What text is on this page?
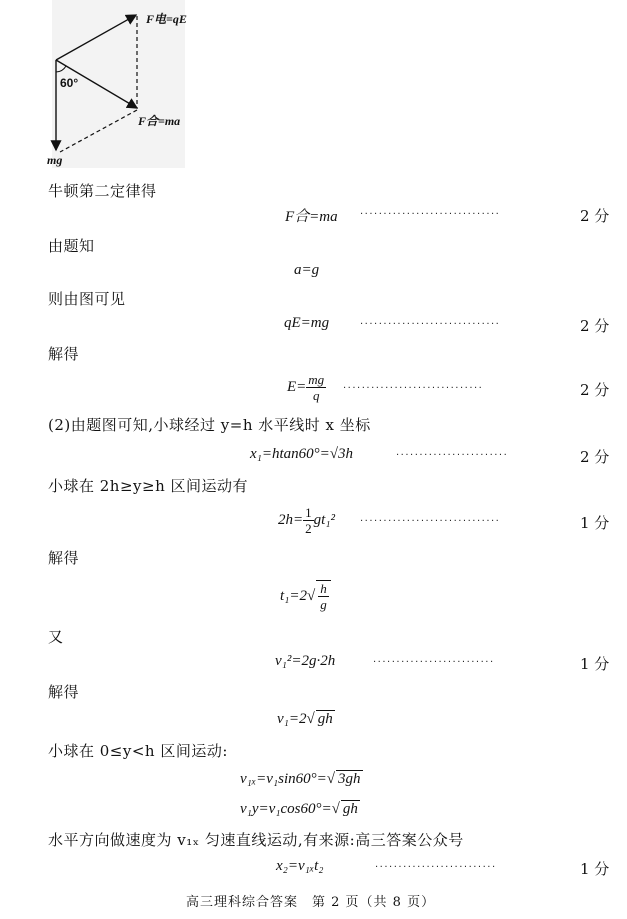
F电=qE
F合=ma
mg
60°
牛顿第二定律得
F合=ma ······························	2 分
由题知
a=g
则由图可见
qE=mg	······························	2 分
解得
$E= \frac{mg}{q}$ ······························	2 分
(2)由题图可知,小球经过 y=h 水平线时 x 坐标
x₁=htan60°=√3h	························	2 分
小球在 2h≥y≥h 区间运动有
$2h= \frac{1}{2} gt_1^2$ ······························	1 分
解得
$t_1=2√ \frac{h}{g}$
又
v₁²=2g·2h	··························	1 分
解得
v₁=2√ gh
小球在 0≤y<h 区间运动:
v₁ₓ=v₁sin60°=√ 3gh
v₁y=v₁cos60°=√ gh
水平方向做速度为 v₁ₓ 匀速直线运动,有来源:高三答案公众号
x₂=v₁ₓt₂	··························	1 分
高三理科综合答案　第 2 页（共 8 页）
